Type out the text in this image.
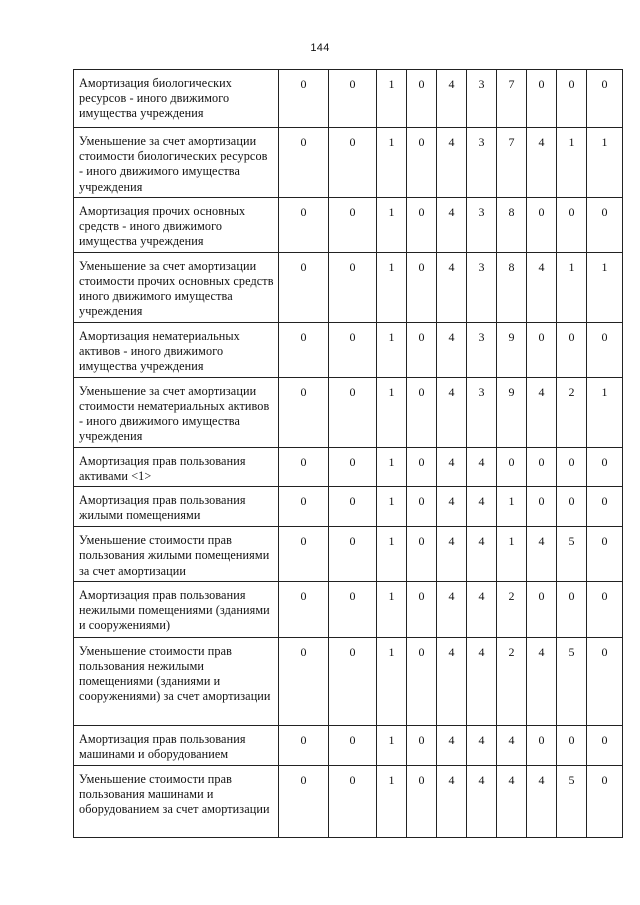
144
Амортизация биологических ресурсов - иного движимого имущества учреждения	0	0	1	0	4	3	7	0	0	0
Уменьшение за счет амортизации стоимости биологических ресурсов - иного движимого имущества учреждения	0	0	1	0	4	3	7	4	1	1
Амортизация прочих основных средств - иного движимого имущества учреждения	0	0	1	0	4	3	8	0	0	0
Уменьшение за счет амортизации стоимости прочих основных средств иного движимого имущества учреждения	0	0	1	0	4	3	8	4	1	1
Амортизация нематериальных активов - иного движимого имущества учреждения	0	0	1	0	4	3	9	0	0	0
Уменьшение за счет амортизации стоимости нематериальных активов - иного движимого имущества учреждения	0	0	1	0	4	3	9	4	2	1
Амортизация прав пользования активами <1>	0	0	1	0	4	4	0	0	0	0
Амортизация прав пользования жилыми помещениями	0	0	1	0	4	4	1	0	0	0
Уменьшение стоимости прав пользования жилыми помещениями за счет амортизации	0	0	1	0	4	4	1	4	5	0
Амортизация прав пользования нежилыми помещениями (зданиями и сооружениями)	0	0	1	0	4	4	2	0	0	0
Уменьшение стоимости прав пользования нежилыми помещениями (зданиями и сооружениями) за счет амортизации	0	0	1	0	4	4	2	4	5	0
Амортизация прав пользования машинами и оборудованием	0	0	1	0	4	4	4	0	0	0
Уменьшение стоимости прав пользования машинами и оборудованием за счет амортизации	0	0	1	0	4	4	4	4	5	0
